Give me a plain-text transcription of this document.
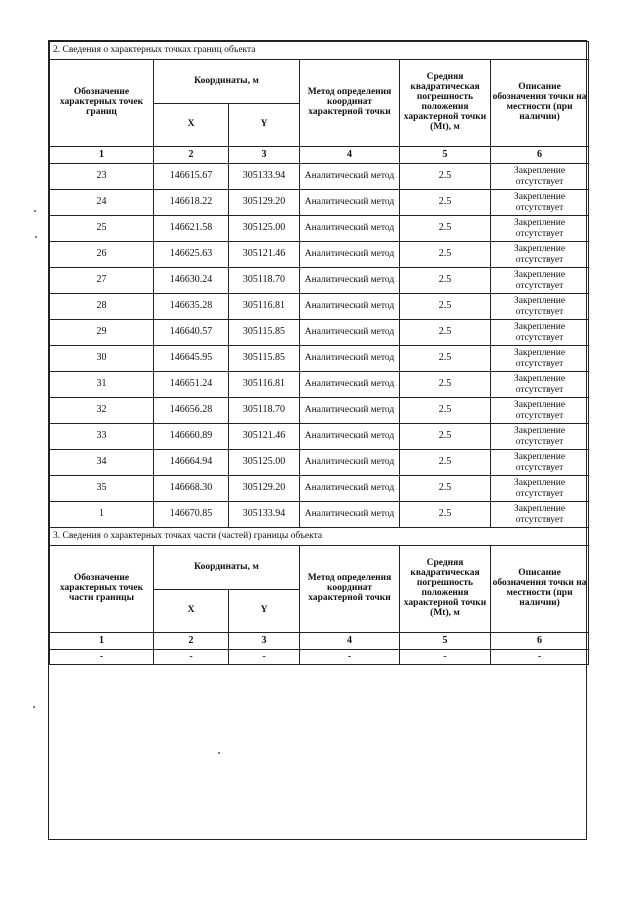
2. Сведения о характерных точках границ объекта					
Обозначение характерных точек границ	Координаты, м		Метод определения координат характерной точки	Средняя квадратическая погрешность положения характерной точки (Mt), м	Описание обозначения точки на местности (при наличии)
	X	Y			
1	2	3	4	5	6
23	146615.67	305133.94	Аналитический метод	2.5	Закрепление отсутствует
24	146618.22	305129.20	Аналитический метод	2.5	Закрепление отсутствует
25	146621.58	305125.00	Аналитический метод	2.5	Закрепление отсутствует
26	146625.63	305121.46	Аналитический метод	2.5	Закрепление отсутствует
27	146630.24	305118.70	Аналитический метод	2.5	Закрепление отсутствует
28	146635.28	305116.81	Аналитический метод	2.5	Закрепление отсутствует
29	146640.57	305115.85	Аналитический метод	2.5	Закрепление отсутствует
30	146645.95	305115.85	Аналитический метод	2.5	Закрепление отсутствует
31	146651.24	305116.81	Аналитический метод	2.5	Закрепление отсутствует
32	146656.28	305118.70	Аналитический метод	2.5	Закрепление отсутствует
33	146660.89	305121.46	Аналитический метод	2.5	Закрепление отсутствует
34	146664.94	305125.00	Аналитический метод	2.5	Закрепление отсутствует
35	146668.30	305129.20	Аналитический метод	2.5	Закрепление отсутствует
1	146670.85	305133.94	Аналитический метод	2.5	Закрепление отсутствует
3. Сведения о характерных точках части (частей) границы объекта					
Обозначение характерных точек части границы	Координаты, м		Метод определения координат характерной точки	Средняя квадратическая погрешность положения характерной точки (Mt), м	Описание обозначения точки на местности (при наличии)
	X	Y			
1	2	3	4	5	6
-	-	-	-	-	-
